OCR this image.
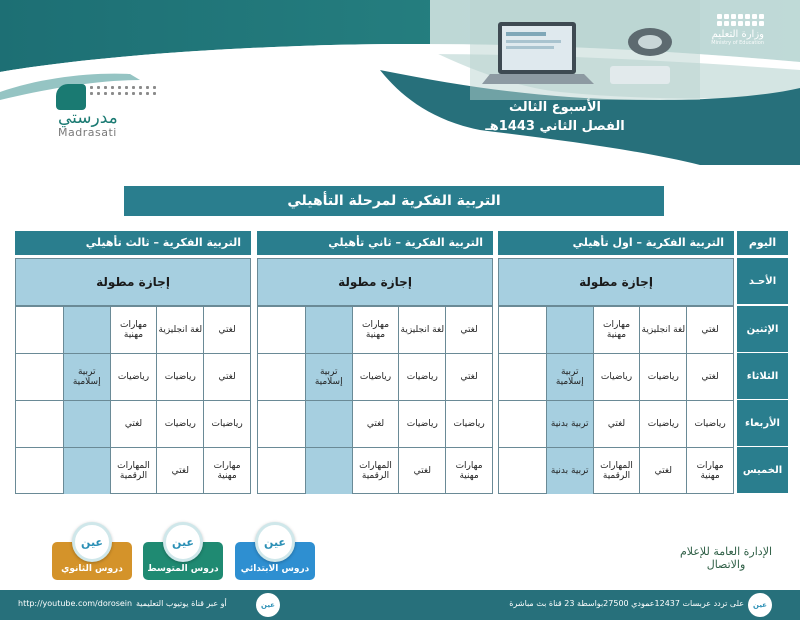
وزارة التعليم
Ministry of Education
الأسبوع الثالث
الفصل الثاني 1443هـ
مدرستي
Madrasati
التربية الفكرية لمرحلة التأهيلي
اليوم
الأحـد
الإثنين
الثلاثاء
الأربعاء
الخميس
التربية الفكرية – اول تأهيلي
التربية الفكرية – ثاني تأهيلي
التربية الفكرية – ثالث تأهيلي
إجازة مطولة
لغتي
لغة انجليزية
مهارات مهنية
لغتي
رياضيات
رياضيات
تربية إسلامية
رياضيات
رياضيات
لغتي
تربية بدنية
مهارات مهنية
لغتي
المهارات الرقمية
تربية بدنية
إجازة مطولة
لغتي
لغة انجليزية
مهارات مهنية
لغتي
رياضيات
رياضيات
تربية إسلامية
رياضيات
رياضيات
لغتي
مهارات مهنية
لغتي
المهارات الرقمية
إجازة مطولة
لغتي
لغة انجليزية
مهارات مهنية
لغتي
رياضيات
رياضيات
تربية إسلامية
رياضيات
رياضيات
لغتي
مهارات مهنية
لغتي
المهارات الرقمية
دروس الابتدائي
عين
دروس المتوسط
عين
دروس الثانوي
عين
الإدارة العامة للإعلام والاتصال
عين
على تردد عربسات 12437عمودي 27500بواسطة 23 قناة بث مباشرة
عين
أو عبر قناة يوتيوب التعليمية
http://youtube.com/dorosein
